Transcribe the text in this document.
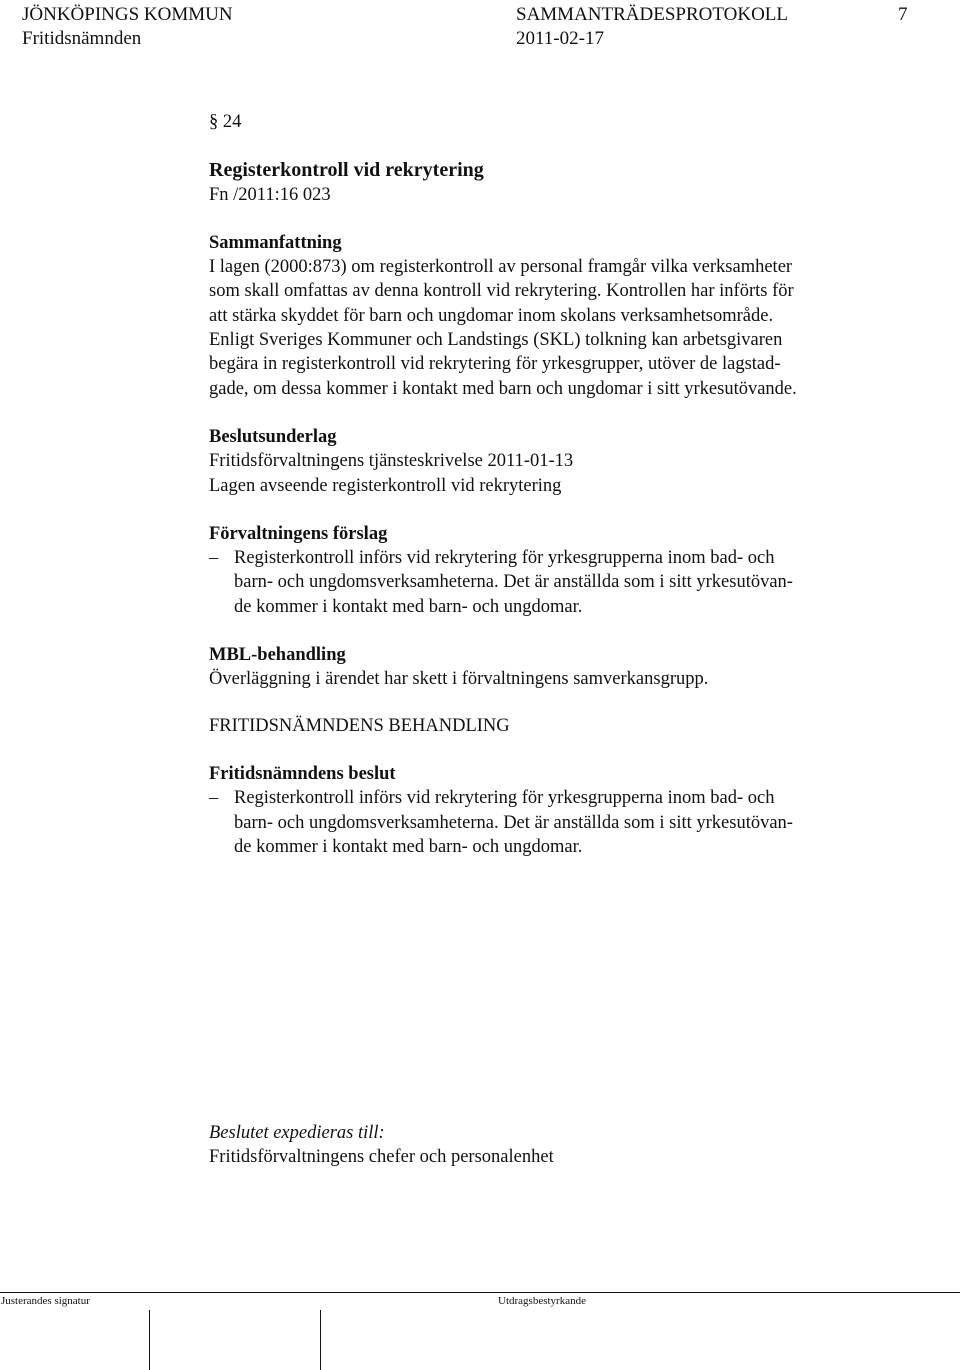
JÖNKÖPINGS KOMMUN	SAMMANTRÄDESPROTOKOLL	7
Fritidsnämnden	2011-02-17

§ 24

Registerkontroll vid rekrytering

Fn /2011:16 023

Sammanfattning

I lagen (2000:873) om registerkontroll av personal framgår vilka verksamheter

som skall omfattas av denna kontroll vid rekrytering. Kontrollen har införts för

att stärka skyddet för barn och ungdomar inom skolans verksamhetsområde.

Enligt Sveriges Kommuner och Landstings (SKL) tolkning kan arbetsgivaren

begära in registerkontroll vid rekrytering för yrkesgrupper, utöver de lagstad-

gade, om dessa kommer i kontakt med barn och ungdomar i sitt yrkesutövande.

Beslutsunderlag

Fritidsförvaltningens tjänsteskrivelse 2011-01-13

Lagen avseende registerkontroll vid rekrytering

Förvaltningens förslag

– Registerkontroll införs vid rekrytering för yrkesgrupperna inom bad- och

barn- och ungdomsverksamheterna. Det är anställda som i sitt yrkesutövan-

de kommer i kontakt med barn- och ungdomar.

MBL-behandling

Överläggning i ärendet har skett i förvaltningens samverkansgrupp.

FRITIDSNÄMNDENS BEHANDLING

Fritidsnämndens beslut

– Registerkontroll införs vid rekrytering för yrkesgrupperna inom bad- och

barn- och ungdomsverksamheterna. Det är anställda som i sitt yrkesutövan-

de kommer i kontakt med barn- och ungdomar.

Beslutet expedieras till:
Fritidsförvaltningens chefer och personalenhet
Justerandes signatur	Utdragsbestyrkande
